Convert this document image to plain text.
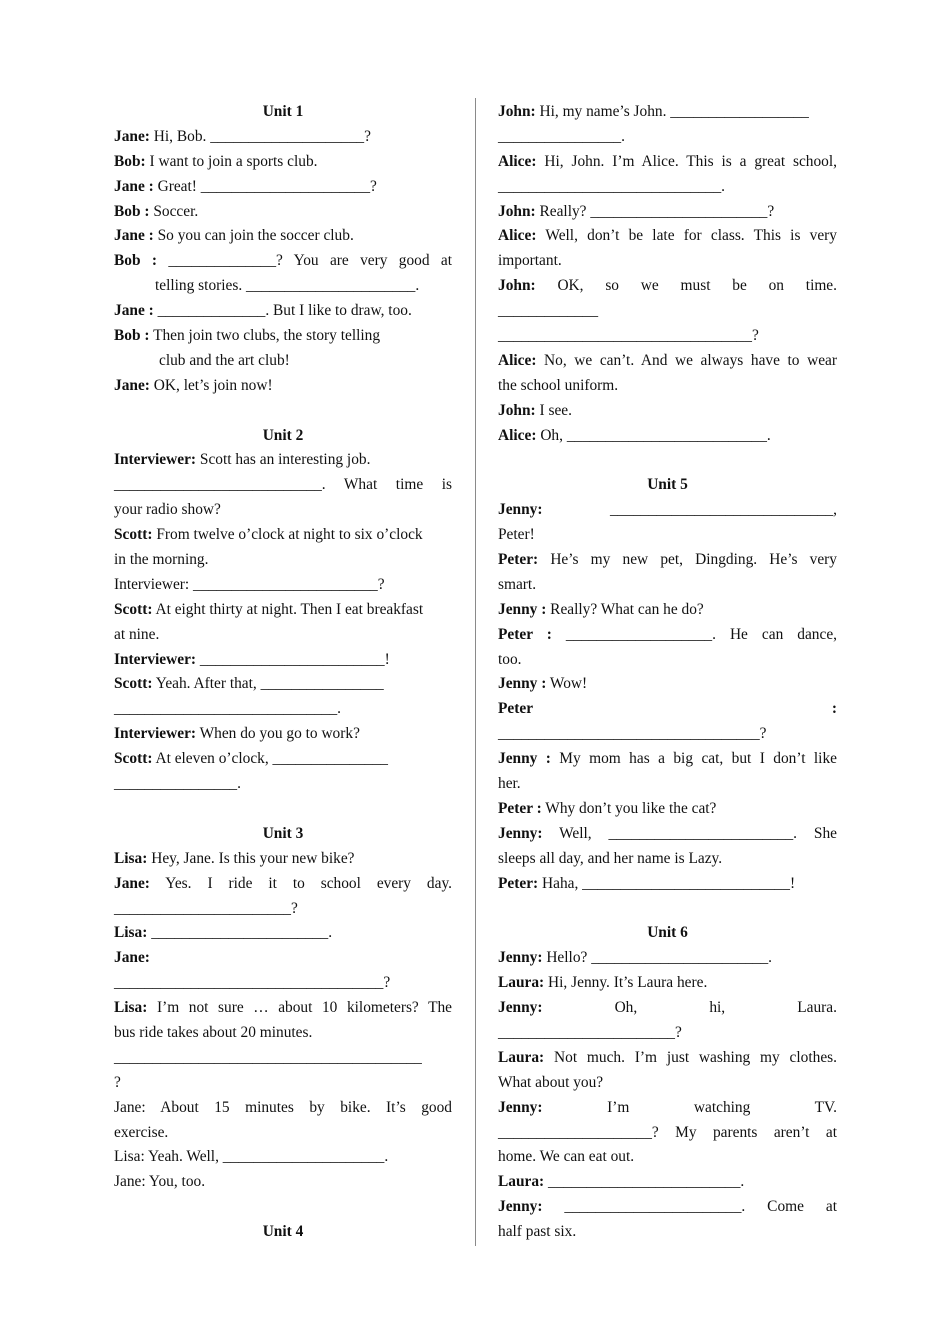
Unit 1
Jane: Hi, Bob. ____________________?
Bob: I want to join a sports club.
Jane : Great! ______________________?
Bob : Soccer.
Jane : So you can join the soccer club.
Bob : ______________? You are very good at
telling stories. ______________________.
Jane : ______________. But I like to draw, too.
Bob : Then join two clubs, the story telling
club and the art club!
Jane: OK, let’s join now!
Unit 2
Interviewer: Scott has an interesting job.
___________________________. What time is
your radio show?
Scott: From twelve o’clock at night to six o’clock
in the morning.
Interviewer: ________________________?
Scott: At eight thirty at night. Then I eat breakfast
at nine.
Interviewer: ________________________!
Scott: Yeah. After that, ________________
_____________________________.
Interviewer: When do you go to work?
Scott: At eleven o’clock, _______________
________________.
Unit 3
Lisa: Hey, Jane. Is this your new bike?
Jane: Yes. I ride it to school every day.
_______________________?
Lisa: _______________________.
Jane:
___________________________________?
Lisa: I’m not sure … about 10 kilometers? The
bus ride takes about 20 minutes.
________________________________________
?
Jane: About 15 minutes by bike. It’s good
exercise.
Lisa: Yeah. Well, _____________________.
Jane: You, too.
Unit 4
John: Hi, my name’s John. __________________
________________.
Alice: Hi, John. I’m Alice. This is a great school,
_____________________________.
John: Really? _______________________?
Alice: Well, don’t be late for class. This is very
important.
John: OK, so we must be on time.
_____________
_________________________________?
Alice: No, we can’t. And we always have to wear
the school uniform.
John: I see.
Alice: Oh, __________________________.
Unit 5
Jenny: _____________________________,
Peter!
Peter: He’s my new pet, Dingding. He’s very
smart.
Jenny : Really? What can he do?
Peter : ___________________. He can dance,
too.
Jenny : Wow!
Peter :
__________________________________?
Jenny : My mom has a big cat, but I don’t like
her.
Peter : Why don’t you like the cat?
Jenny: Well, ________________________. She
sleeps all day, and her name is Lazy.
Peter: Haha, ___________________________!
Unit 6
Jenny: Hello? _______________________.
Laura: Hi, Jenny. It’s Laura here.
Jenny: Oh, hi, Laura.
_______________________?
Laura: Not much. I’m just washing my clothes.
What about you?
Jenny: I’m watching TV.
____________________? My parents aren’t at
home. We can eat out.
Laura: _________________________.
Jenny: _______________________. Come at
half past six.
